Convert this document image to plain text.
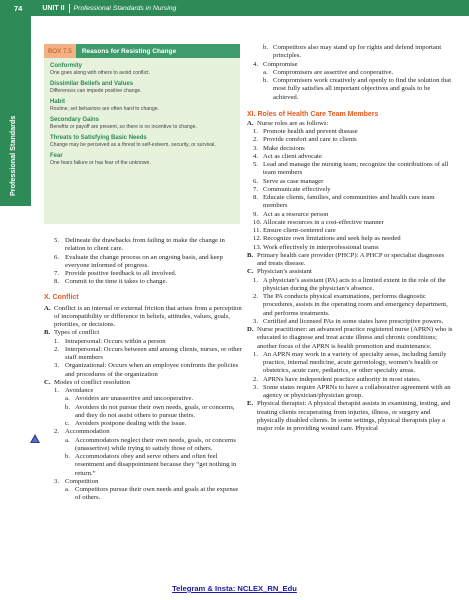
74	UNIT II Professional Standards in Nursing
Professional Standards
BOX 7.5	Reasons for Resisting Change
Conformity
One goes along with others to avoid conflict.
Dissimilar Beliefs and Values
Differences can impede positive change.
Habit
Routine, set behaviors are often hard to change.
Secondary Gains
Benefits or payoff are present, so there is no incentive to change.
Threats to Satisfying Basic Needs
Change may be perceived as a threat to self-esteem, security, or survival.
Fear
One fears failure or has fear of the unknown.
5. Delineate the drawbacks from failing to make the change in relation to client care.
6. Evaluate the change process on an ongoing basis, and keep everyone informed of progress.
7. Provide positive feedback to all involved.
8. Commit to the time it takes to change.
X. Conflict
A. Conflict is an internal or external friction that arises from a perception of incompatibility or difference in beliefs, attitudes, values, goals, priorities, or decisions.
B. Types of conflict
1. Intrapersonal: Occurs within a person
2. Interpersonal: Occurs between and among clients, nurses, or other staff members
3. Organizational: Occurs when an employee confronts the policies and procedures of the organization
C. Modes of conflict resolution
1. Avoidance
a. Avoiders are unassertive and uncooperative.
b. Avoiders do not pursue their own needs, goals, or concerns, and they do not assist others to pursue theirs.
c. Avoiders postpone dealing with the issue.
2. Accommodation
a. Accommodators neglect their own needs, goals, or concerns (unassertive) while trying to satisfy those of others.
b. Accommodators obey and serve others and often feel resentment and disappointment because they “get nothing in return.”
3. Competition
a. Competitors pursue their own needs and goals at the expense of others.
b. Competitors also may stand up for rights and defend important principles.
4. Compromise
a. Compromisers are assertive and cooperative.
b. Compromisers work creatively and openly to find the solution that most fully satisfies all important objectives and goals to be achieved.
XI. Roles of Health Care Team Members
A. Nurse roles are as follows:
1. Promote health and prevent disease
2. Provide comfort and care to clients
3. Make decisions
4. Act as client advocate
5. Lead and manage the nursing team; recognize the contributions of all team members
6. Serve as case manager
7. Communicate effectively
8. Educate clients, families, and communities and health care team members
9. Act as a resource person
10. Allocate resources in a cost-effective manner
11. Ensure client-centered care
12. Recognize own limitations and seek help as needed
13. Work effectively in interprofessional teams
B. Primary health care provider (PHCP): A PHCP or specialist diagnoses and treats disease.
C. Physician’s assistant
1. A physician’s assistant (PA) acts to a limited extent in the role of the physician during the physician’s absence.
2. The PA conducts physical examinations, performs diagnostic procedures, assists in the operating room and emergency department, and performs treatments.
3. Certified and licensed PAs in some states have prescriptive powers.
D. Nurse practitioner: an advanced practice registered nurse (APRN) who is educated to diagnose and treat acute illness and chronic conditions; another focus of the APRN is health promotion and maintenance.
1. An APRN may work in a variety of specialty areas, including family practice, internal medicine, acute gerontology, women’s health or obstetrics, acute care, pediatrics, or other specialty areas.
2. APRNs have independent practice authority in most states.
3. Some states require APRNs to have a collaborative agreement with an agency or physician/physician group.
E. Physical therapist: A physical therapist assists in examining, testing, and treating clients recuperating from injuries, illness, or surgery and physically disabled clients. In some settings, physical therapists play a major role in providing wound care. Physical
Telegram & Insta: NCLEX_RN_Edu
